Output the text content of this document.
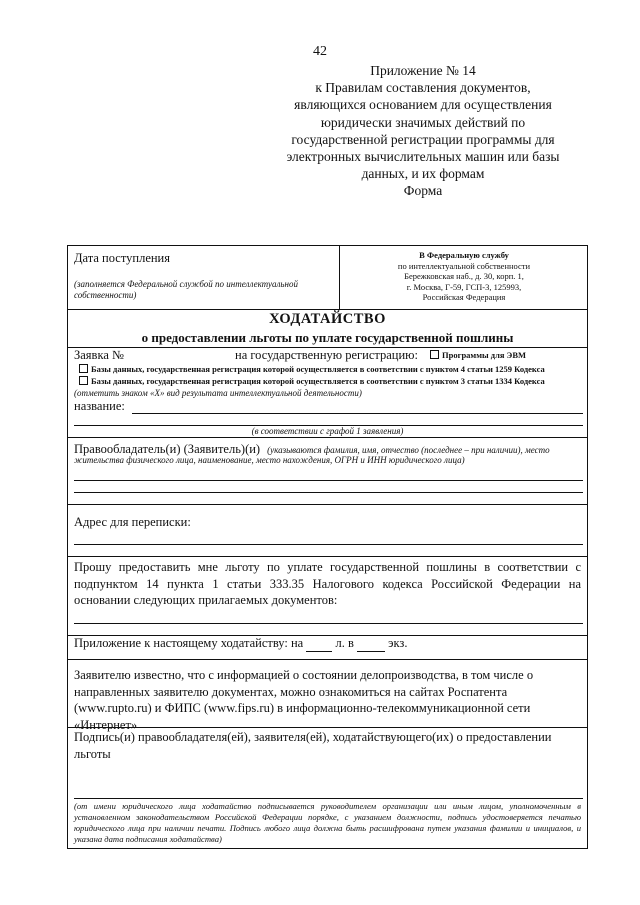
42
Приложение № 14
к Правилам составления документов,
являющихся основанием для осуществления
юридически значимых действий по
государственной регистрации программы для
электронных вычислительных машин или базы
данных, и их формам
Форма
Дата поступления
(заполняется Федеральной службой по интеллектуальной
собственности)
В Федеральную службу
по интеллектуальной собственности
Бережковская наб., д. 30, корп. 1,
г. Москва, Г-59, ГСП-3, 125993,
Российская Федерация
ХОДАТАЙСТВО
о предоставлении льготы по уплате государственной пошлины
Заявка №	на государственную регистрацию:	Программы для ЭВМ
Базы данных, государственная регистрация которой осуществляется в соответствии с пунктом 4 статьи 1259 Кодекса
Базы данных, государственная регистрация которой осуществляется в соответствии с пунктом 3 статьи 1334 Кодекса
(отметить знаком «Х» вид результата интеллектуальной деятельности)
название:
(в соответствии с графой 1 заявления)
Правообладатель(и) (Заявитель)(и) (указываются фамилия, имя, отчество (последнее – при наличии), место
жительства физического лица, наименование, место нахождения, ОГРН и ИНН юридического лица)
Адрес для переписки:
Прошу предоставить мне льготу по уплате государственной пошлины в соответствии с подпунктом 14 пункта 1 статьи 333.35 Налогового кодекса Российской Федерации на основании следующих прилагаемых документов:
Приложение к настоящему ходатайству: на	л. в	экз.
Заявителю известно, что с информацией о состоянии делопроизводства, в том числе о направленных заявителю документах, можно ознакомиться на сайтах Роспатента (www.rupto.ru) и ФИПС (www.fips.ru) в информационно-телекоммуникационной сети «Интернет»
Подпись(и) правообладателя(ей), заявителя(ей), ходатайствующего(их) о предоставлении льготы
(от имени юридического лица ходатайство подписывается руководителем организации или иным лицом, уполномоченным в установленном законодательством Российской Федерации порядке, с указанием должности, подпись удостоверяется печатью юридического лица при наличии печати. Подпись любого лица должна быть расшифрована путем указания фамилии и инициалов, и указана дата подписания ходатайства)
